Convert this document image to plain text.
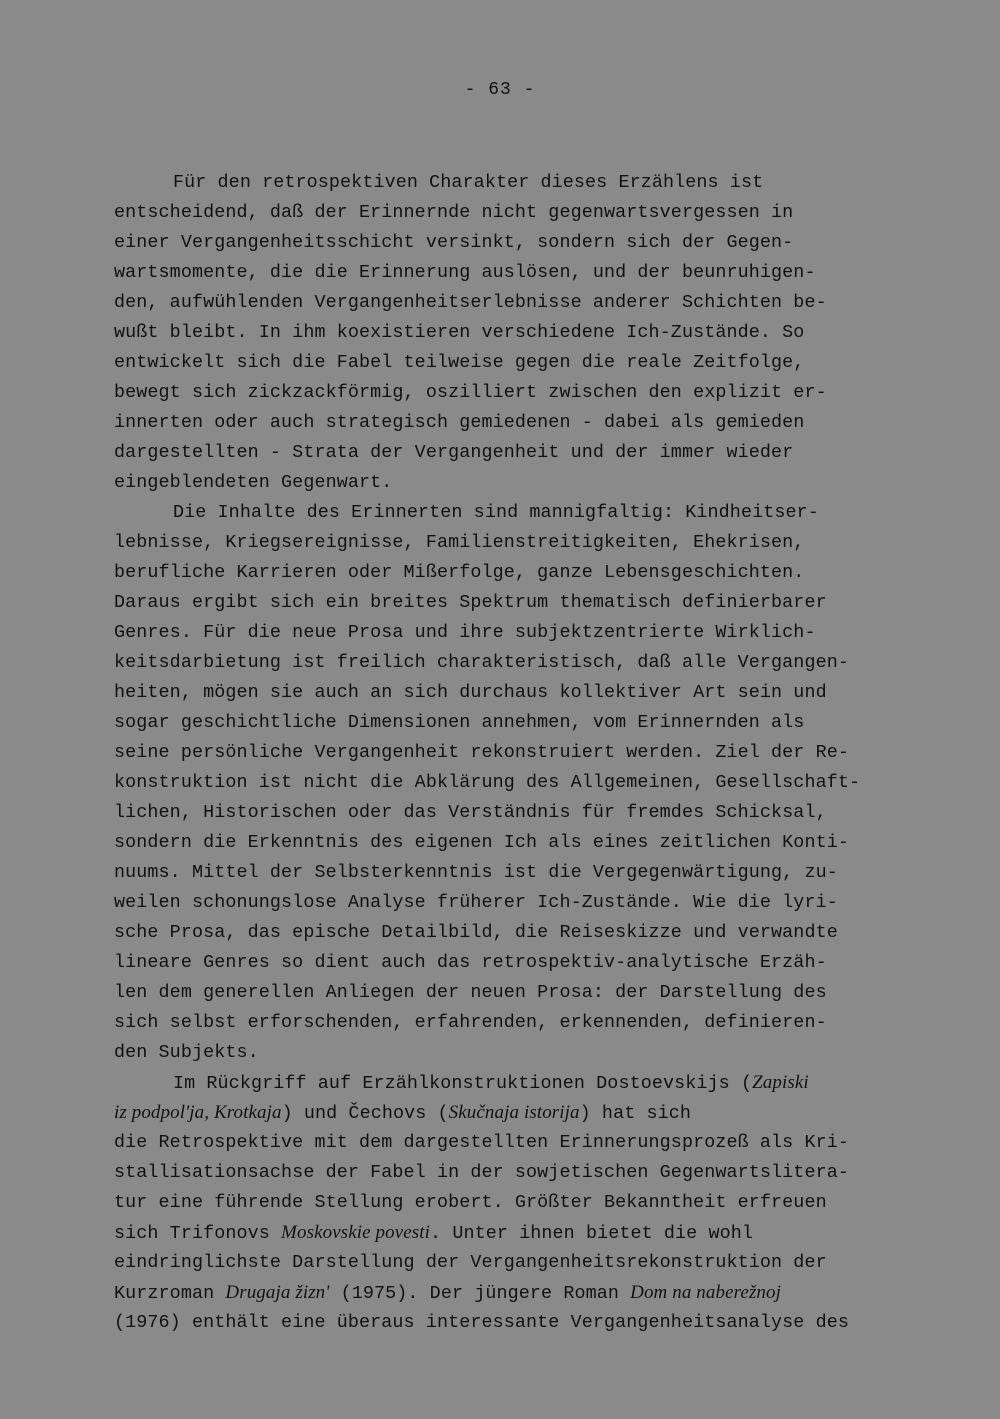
- 63 -
Für den retrospektiven Charakter dieses Erzählens ist
entscheidend, daß der Erinnernde nicht gegenwartsvergessen in
einer Vergangenheitsschicht versinkt, sondern sich der Gegen-
wartsmomente, die die Erinnerung auslösen, und der beunruhigen-
den, aufwühlenden Vergangenheitserlebnisse anderer Schichten be-
wußt bleibt. In ihm koexistieren verschiedene Ich-Zustände. So
entwickelt sich die Fabel teilweise gegen die reale Zeitfolge,
bewegt sich zickzackförmig, oszilliert zwischen den explizit er-
innerten oder auch strategisch gemiedenen - dabei als gemieden
dargestellten - Strata der Vergangenheit und der immer wieder
eingeblendeten Gegenwart.
Die Inhalte des Erinnerten sind mannigfaltig: Kindheitser-
lebnisse, Kriegsereignisse, Familienstreitigkeiten, Ehekrisen,
berufliche Karrieren oder Mißerfolge, ganze Lebensgeschichten.
Daraus ergibt sich ein breites Spektrum thematisch definierbarer
Genres. Für die neue Prosa und ihre subjektzentrierte Wirklich-
keitsdarbietung ist freilich charakteristisch, daß alle Vergangen-
heiten, mögen sie auch an sich durchaus kollektiver Art sein und
sogar geschichtliche Dimensionen annehmen, vom Erinnernden als
seine persönliche Vergangenheit rekonstruiert werden. Ziel der Re-
konstruktion ist nicht die Abklärung des Allgemeinen, Gesellschaft-
lichen, Historischen oder das Verständnis für fremdes Schicksal,
sondern die Erkenntnis des eigenen Ich als eines zeitlichen Konti-
nuums. Mittel der Selbsterkenntnis ist die Vergegenwärtigung, zu-
weilen schonungslose Analyse früherer Ich-Zustände. Wie die lyri-
sche Prosa, das epische Detailbild, die Reiseskizze und verwandte
lineare Genres so dient auch das retrospektiv-analytische Erzäh-
len dem generellen Anliegen der neuen Prosa: der Darstellung des
sich selbst erforschenden, erfahrenden, erkennenden, definieren-
den Subjekts.
Im Rückgriff auf Erzählkonstruktionen Dostoevskijs (Zapiski
iz podpol'ja, Krotkaja) und Čechovs (Skučnaja istorija) hat sich
die Retrospektive mit dem dargestellten Erinnerungsprozeß als Kri-
stallisationsachse der Fabel in der sowjetischen Gegenwartslitera-
tur eine führende Stellung erobert. Größter Bekanntheit erfreuen
sich Trifonovs Moskovskie povesti. Unter ihnen bietet die wohl
eindringlichste Darstellung der Vergangenheitsrekonstruktion der
Kurzroman Drugaja žizn' (1975). Der jüngere Roman Dom na naberežnoj
(1976) enthält eine überaus interessante Vergangenheitsanalyse des
